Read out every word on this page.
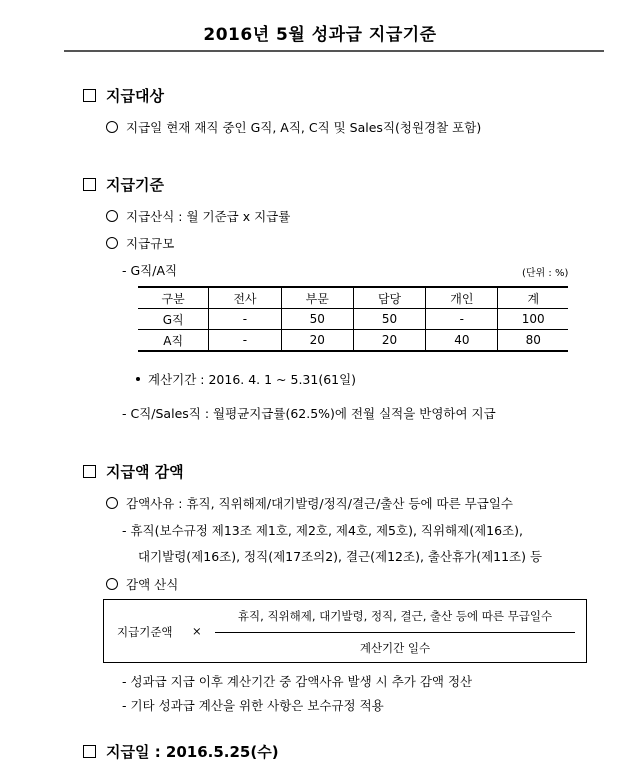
2016년 5월 성과급 지급기준
지급대상
지급일 현재 재직 중인 G직, A직, C직 및 Sales직(청원경찰 포함)
지급기준
지급산식 : 월 기준급 x 지급률
지급규모
- G직/A직	(단위 : %)
구분	전사	부문	담당	개인	계
G직	-	50	50	-	100
A직	-	20	20	40	80
계산기간 : 2016. 4. 1 ~ 5.31(61일)
- C직/Sales직 : 월평균지급률(62.5%)에 전월 실적을 반영하여 지급
지급액 감액
감액사유 : 휴직, 직위해제/대기발령/정직/결근/출산 등에 따른 무급일수
- 휴직(보수규정 제13조 제1호, 제2호, 제4호, 제5호), 직위해제(제16조),
대기발령(제16조), 정직(제17조의2), 결근(제12조), 출산휴가(제11조) 등
감액 산식
지급기준액 ×
휴직, 직위해제, 대기발령, 정직, 결근, 출산 등에 따른 무급일수
계산기간 일수
- 성과급 지급 이후 계산기간 중 감액사유 발생 시 추가 감액 정산
- 기타 성과급 계산을 위한 사항은 보수규정 적용
지급일 : 2016.5.25(수)
